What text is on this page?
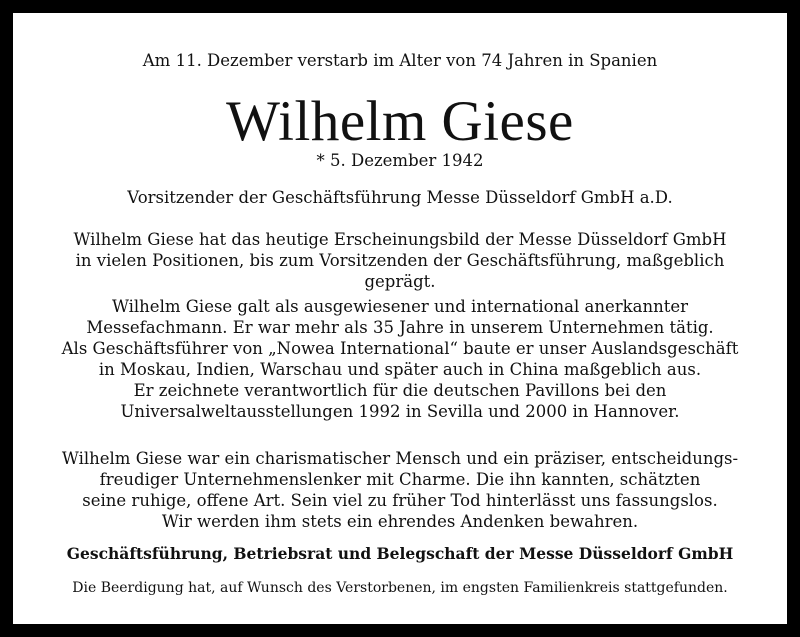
Am 11. Dezember verstarb im Alter von 74 Jahren in Spanien

Wilhelm Giese

* 5. Dezember 1942

Vorsitzender der Geschäftsführung Messe Düsseldorf GmbH a.D.

Wilhelm Giese hat das heutige Erscheinungsbild der Messe Düsseldorf GmbH
in vielen Positionen, bis zum Vorsitzenden der Geschäftsführung, maßgeblich
geprägt.

Wilhelm Giese galt als ausgewiesener und international anerkannter
Messefachmann. Er war mehr als 35 Jahre in unserem Unternehmen tätig.
Als Geschäftsführer von „Nowea International“ baute er unser Auslandsgeschäft
in Moskau, Indien, Warschau und später auch in China maßgeblich aus.
Er zeichnete verantwortlich für die deutschen Pavillons bei den
Universalweltausstellungen 1992 in Sevilla und 2000 in Hannover.

Wilhelm Giese war ein charismatischer Mensch und ein präziser, entscheidungs-
freudiger Unternehmenslenker mit Charme. Die ihn kannten, schätzten
seine ruhige, offene Art. Sein viel zu früher Tod hinterlässt uns fassungslos.
Wir werden ihm stets ein ehrendes Andenken bewahren.

Geschäftsführung, Betriebsrat und Belegschaft der Messe Düsseldorf GmbH

Die Beerdigung hat, auf Wunsch des Verstorbenen, im engsten Familienkreis stattgefunden.
